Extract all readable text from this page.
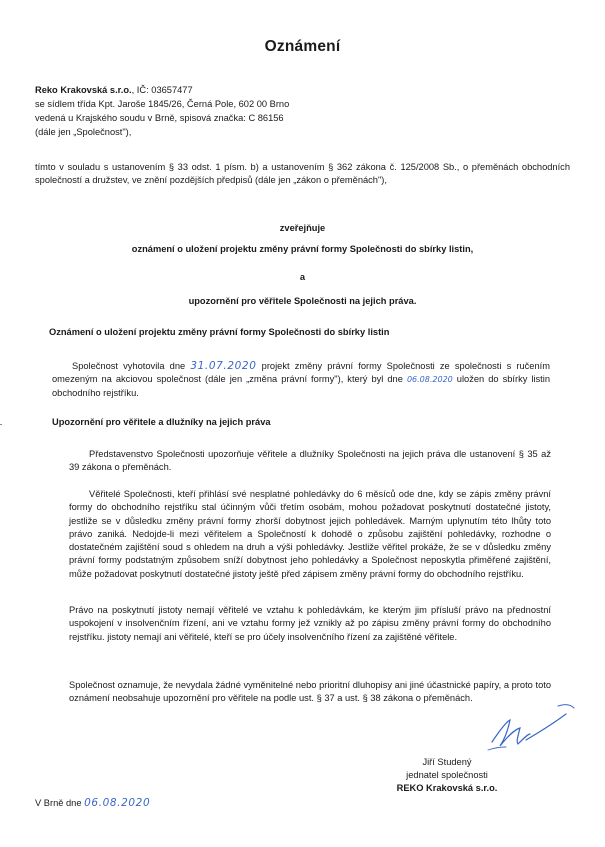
Oznámení
Reko Krakovská s.r.o., IČ: 03657477
se sídlem třída Kpt. Jaroše 1845/26, Černá Pole, 602 00 Brno
vedená u Krajského soudu v Brně, spisová značka: C 86156
(dále jen „Společnost"),

tímto v souladu s ustanovením § 33 odst. 1 písm. b) a ustanovením § 362 zákona č. 125/2008 Sb., o přeměnách obchodních společností a družstev, ve znění pozdějších předpisů (dále jen „zákon o přeměnách"),

zveřejňuje
oznámení o uložení projektu změny právní formy Společnosti do sbírky listin,
a
upozornění pro věřitele Společnosti na jejich práva.
Oznámení o uložení projektu změny právní formy Společnosti do sbírky listin

Společnost vyhotovila dne 31.07.2020 projekt změny právní formy Společnosti ze společnosti s ručením omezeným na akciovou společnost (dále jen „změna právní formy"), který byl dne 06.08.2020 uložen do sbírky listin obchodního rejstříku.

Upozornění pro věřitele a dlužníky na jejich práva

Představenstvo Společnosti upozorňuje věřitele a dlužníky Společnosti na jejich práva dle ustanovení § 35 až 39 zákona o přeměnách.

Věřitelé Společnosti, kteří přihlásí své nesplatné pohledávky do 6 měsíců ode dne, kdy se zápis změny právní formy do obchodního rejstříku stal účinným vůči třetím osobám, mohou požadovat poskytnutí dostatečné jistoty, jestliže se v důsledku změny právní formy zhorší dobytnost jejich pohledávek. Marným uplynutím této lhůty toto právo zaniká. Nedojde-li mezi věřitelem a Společností k dohodě o způsobu zajištění pohledávky, rozhodne o dostatečném zajištění soud s ohledem na druh a výši pohledávky. Jestliže věřitel prokáže, že se v důsledku změny právní formy podstatným způsobem sníží dobytnost jeho pohledávky a Společnost neposkytla přiměřené zajištění, může požadovat poskytnutí dostatečné jistoty ještě před zápisem změny právní formy do obchodního rejstříku.

Právo na poskytnutí jistoty nemají věřitelé ve vztahu k pohledávkám, ke kterým jim přísluší právo na přednostní uspokojení v insolvenčním řízení, ani ve vztahu formy jež vznikly až po zápisu změny právní formy do obchodního rejstříku. jistoty nemají ani věřitelé, kteří se pro účely insolvenčního řízení za zajištěné věřitele.

Společnost oznamuje, že nevydala žádné vyměnitelné nebo prioritní dluhopisy ani jiné účastnické papíry, a proto toto oznámení neobsahuje upozornění pro věřitele na podle ust. § 37 a ust. § 38 zákona o přeměnách.

Jiří Studený
jednatel společnosti
REKO Krakovská s.r.o.
V Brně dne 06.08.2020
